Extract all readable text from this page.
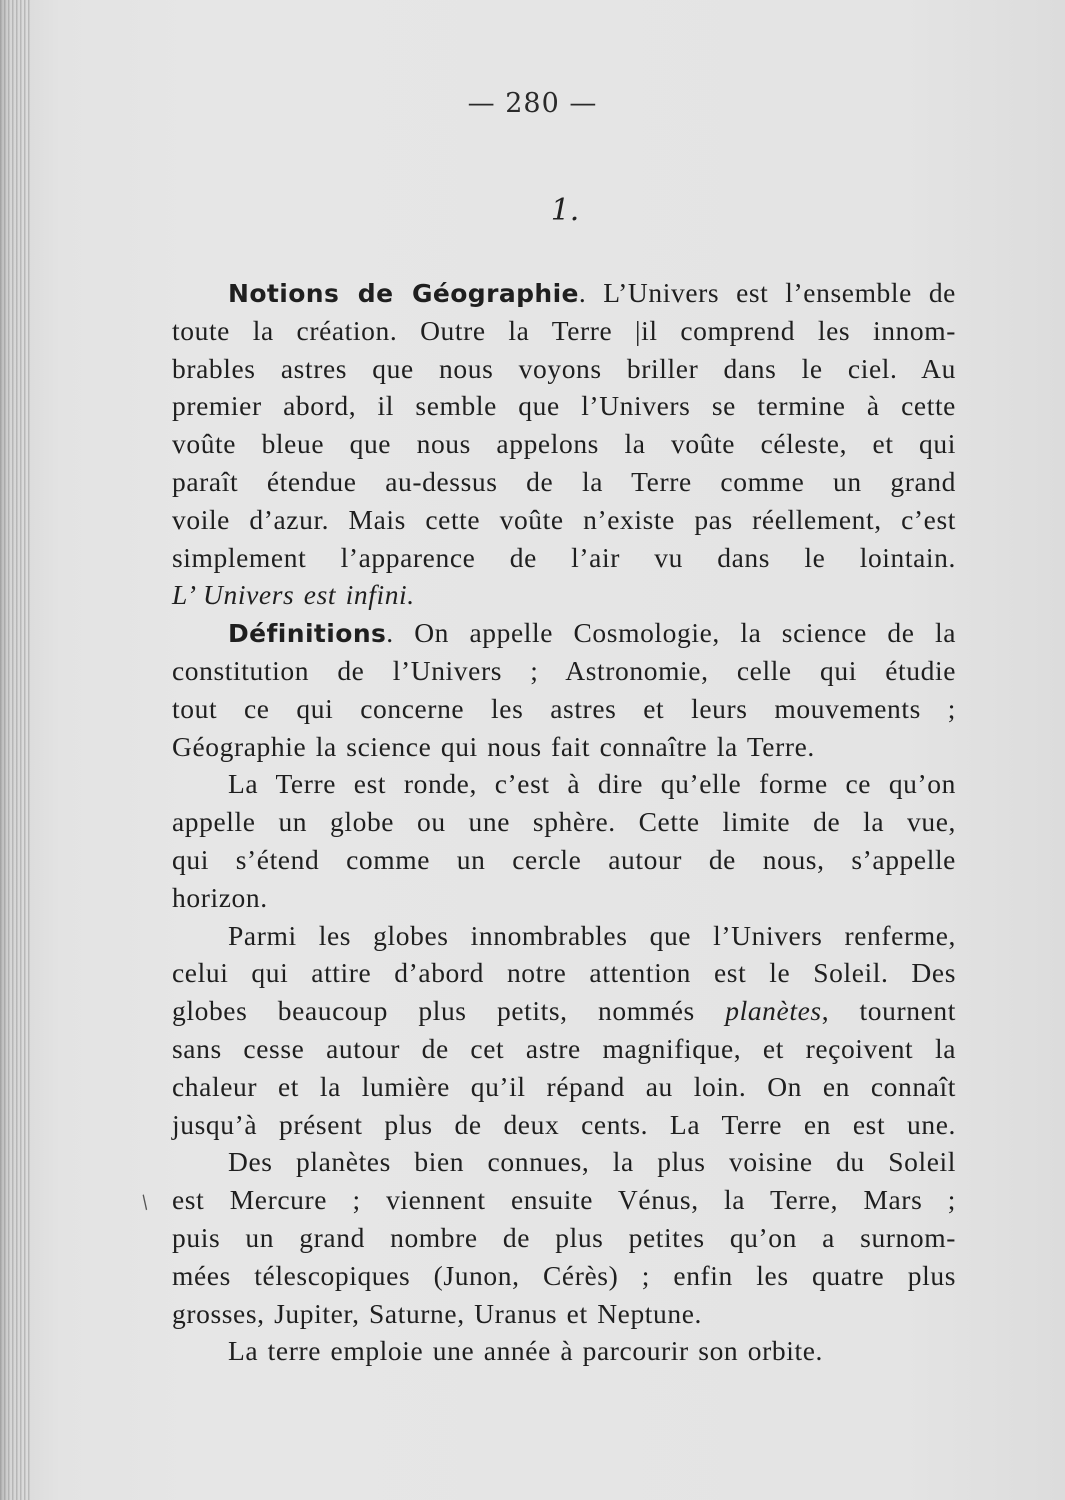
— 280 —
1.
Notions de Géographie. L’Univers est l’ensemble de
toute la création. Outre la Terre |il comprend les innom-
brables astres que nous voyons briller dans le ciel. Au
premier abord, il semble que l’Univers se termine à cette
voûte bleue que nous appelons la voûte céleste, et qui
paraît étendue au-dessus de la Terre comme un grand
voile d’azur. Mais cette voûte n’existe pas réellement, c’est
simplement l’apparence de l’air vu dans le lointain.
L’ Univers est infini.
Définitions. On appelle Cosmologie, la science de la
constitution de l’Univers ; Astronomie, celle qui étudie
tout ce qui concerne les astres et leurs mouvements ;
Géographie la science qui nous fait connaître la Terre.
La Terre est ronde, c’est à dire qu’elle forme ce qu’on
appelle un globe ou une sphère. Cette limite de la vue,
qui s’étend comme un cercle autour de nous, s’appelle
horizon.
Parmi les globes innombrables que l’Univers renferme,
celui qui attire d’abord notre attention est le Soleil. Des
globes beaucoup plus petits, nommés planètes, tournent
sans cesse autour de cet astre magnifique, et reçoivent la
chaleur et la lumière qu’il répand au loin. On en connaît
jusqu’à présent plus de deux cents. La Terre en est une.
Des planètes bien connues, la plus voisine du Soleil
est Mercure ; viennent ensuite Vénus, la Terre, Mars ;
puis un grand nombre de plus petites qu’on a surnom-
mées télescopiques (Junon, Cérès) ; enfin les quatre plus
grosses, Jupiter, Saturne, Uranus et Neptune.
La terre emploie une année à parcourir son orbite.
/
